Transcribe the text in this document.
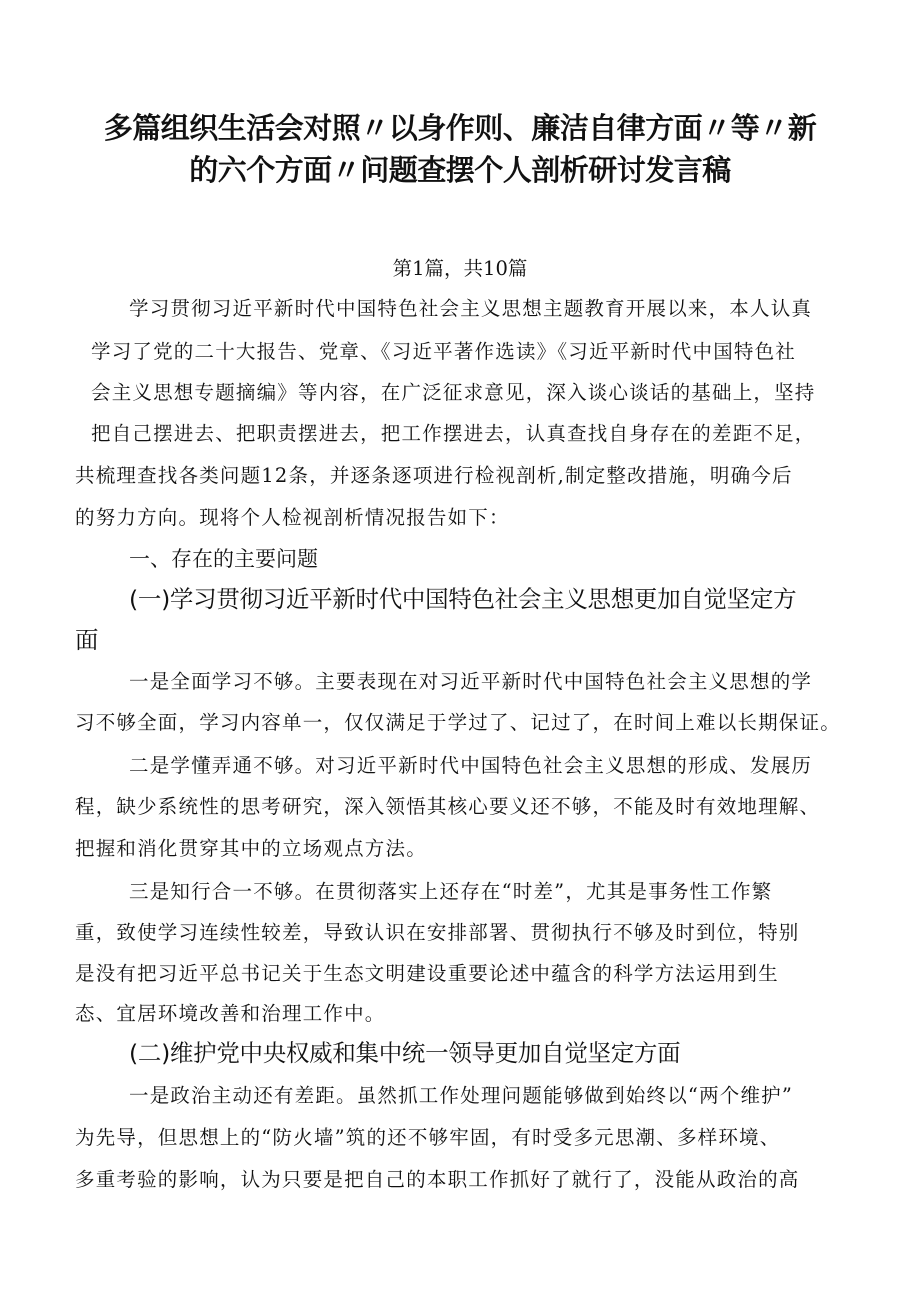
多篇组织生活会对照〃以身作则、廉洁自律方面〃等〃新
的六个方面〃问题查摆个人剖析研讨发言稿
第1篇，共10篇
学习贯彻习近平新时代中国特色社会主义思想主题教育开展以来，本人认真
学习了党的二十大报告、党章、《习近平著作选读》《习近平新时代中国特色社
会主义思想专题摘编》等内容，在广泛征求意见，深入谈心谈话的基础上，坚持
把自己摆进去、把职责摆进去，把工作摆进去，认真查找自身存在的差距不足，
共梳理查找各类问题12条，并逐条逐项进行检视剖析,制定整改措施，明确今后
的努力方向。现将个人检视剖析情况报告如下：
一、存在的主要问题
(一)学习贯彻习近平新时代中国特色社会主义思想更加自觉坚定方
面
一是全面学习不够。主要表现在对习近平新时代中国特色社会主义思想的学
习不够全面，学习内容单一，仅仅满足于学过了、记过了，在时间上难以长期保证。
二是学懂弄通不够。对习近平新时代中国特色社会主义思想的形成、发展历
程，缺少系统性的思考研究，深入领悟其核心要义还不够，不能及时有效地理解、
把握和消化贯穿其中的立场观点方法。
三是知行合一不够。在贯彻落实上还存在“时差”，尤其是事务性工作繁
重，致使学习连续性较差，导致认识在安排部署、贯彻执行不够及时到位，特别
是没有把习近平总书记关于生态文明建设重要论述中蕴含的科学方法运用到生
态、宜居环境改善和治理工作中。
(二)维护党中央权威和集中统一领导更加自觉坚定方面
一是政治主动还有差距。虽然抓工作处理问题能够做到始终以“两个维护”
为先导，但思想上的“防火墙”筑的还不够牢固，有时受多元思潮、多样环境、
多重考验的影响，认为只要是把自己的本职工作抓好了就行了，没能从政治的高
